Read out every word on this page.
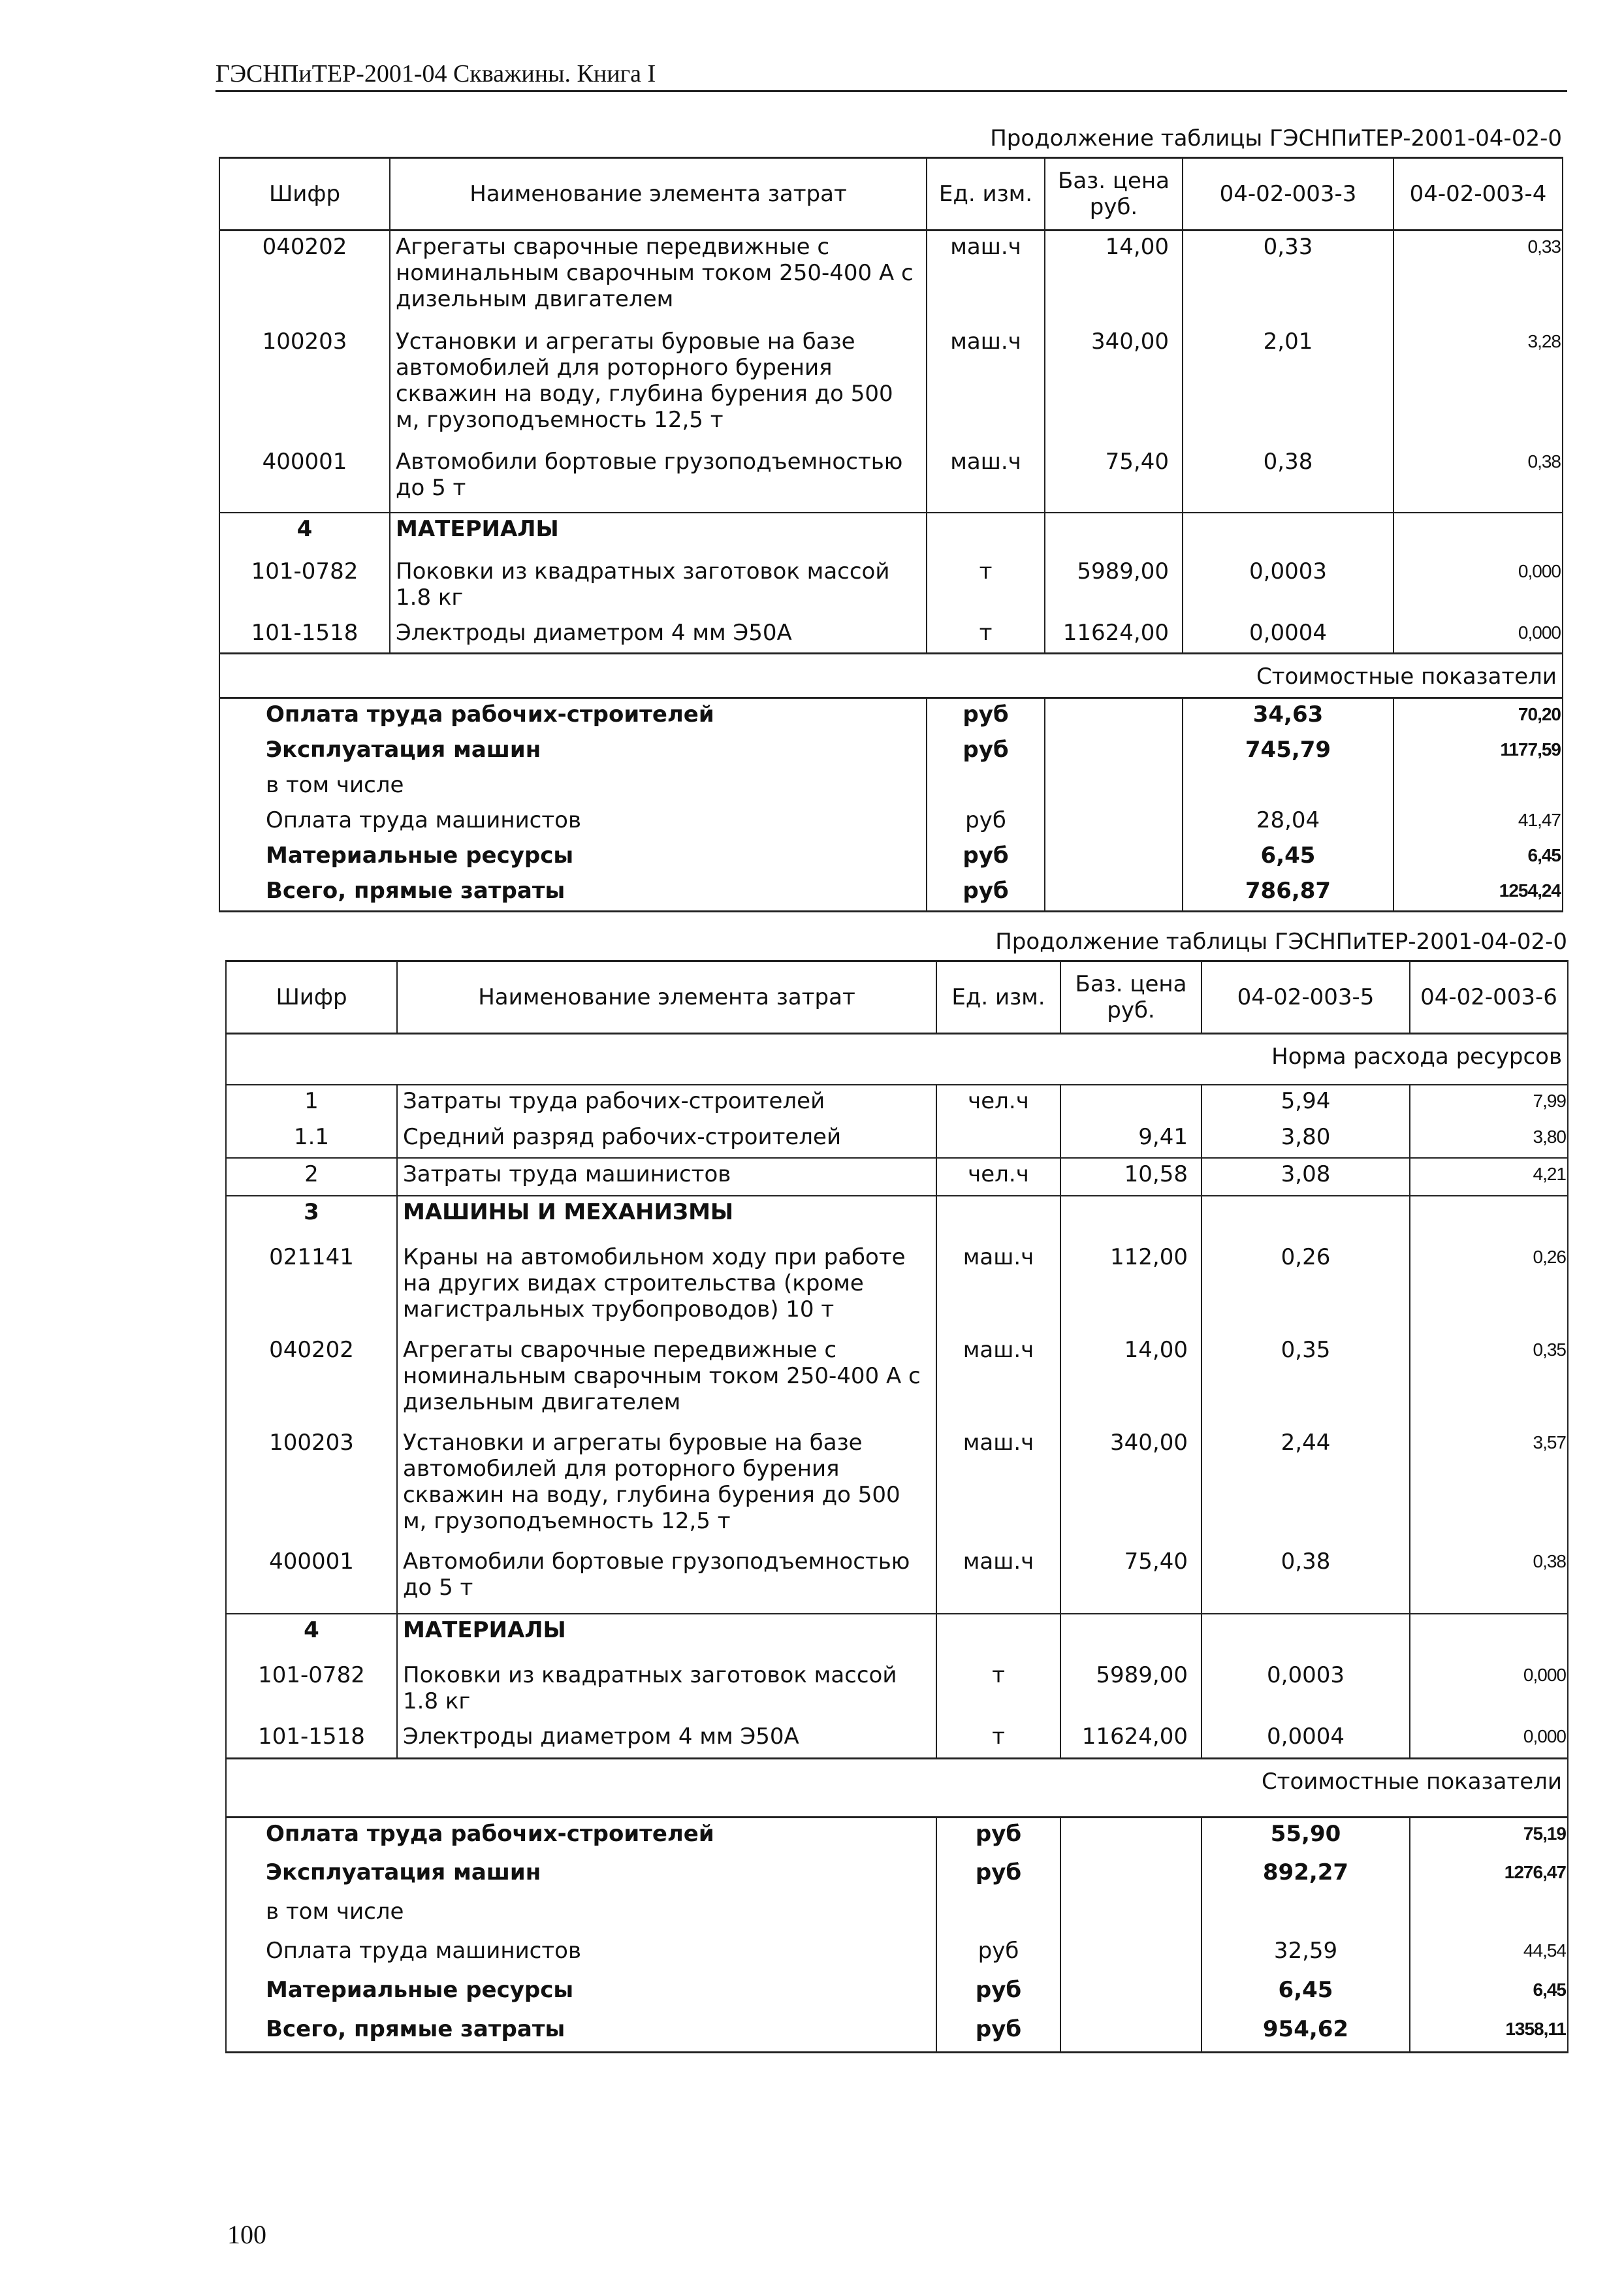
ГЭСНПиТЕР-2001-04 Скважины. Книга I
Продолжение таблицы ГЭСНПиТЕР-2001-04-02-0
Шифр	Наименование элемента затрат	Ед. изм.	Баз. цена руб.	04-02-003-3	04-02-003-4
040202	Агрегаты сварочные передвижные с номинальным сварочным током 250-400 А с дизельным двигателем	маш.ч	14,00	0,33	0,33
100203	Установки и агрегаты буровые на базе автомобилей для роторного бурения скважин на воду, глубина бурения до 500 м, грузоподъемность 12,5 т	маш.ч	340,00	2,01	3,28
400001	Автомобили бортовые грузоподъемностью до 5 т	маш.ч	75,40	0,38	0,38
4	МАТЕРИАЛЫ				
101-0782	Поковки из квадратных заготовок массой 1.8 кг	т	5989,00	0,0003	0,000
101-1518	Электроды диаметром 4 мм Э50А	т	11624,00	0,0004	0,000
Стоимостные показатели					
Оплата труда рабочих-строителей		руб		34,63	70,20
Эксплуатация машин		руб		745,79	1177,59
в том числе					
Оплата труда машинистов		руб		28,04	41,47
Материальные ресурсы		руб		6,45	6,45
Всего, прямые затраты		руб		786,87	1254,24
Продолжение таблицы ГЭСНПиТЕР-2001-04-02-0
Шифр	Наименование элемента затрат	Ед. изм.	Баз. цена руб.	04-02-003-5	04-02-003-6
Норма расхода ресурсов					
1	Затраты труда рабочих-строителей	чел.ч		5,94	7,99
1.1	Средний разряд рабочих-строителей		9,41	3,80	3,80
2	Затраты труда машинистов	чел.ч	10,58	3,08	4,21
3	МАШИНЫ И МЕХАНИЗМЫ				
021141	Краны на автомобильном ходу при работе на других видах строительства (кроме магистральных трубопроводов) 10 т	маш.ч	112,00	0,26	0,26
040202	Агрегаты сварочные передвижные с номинальным сварочным током 250-400 А с дизельным двигателем	маш.ч	14,00	0,35	0,35
100203	Установки и агрегаты буровые на базе автомобилей для роторного бурения скважин на воду, глубина бурения до 500 м, грузоподъемность 12,5 т	маш.ч	340,00	2,44	3,57
400001	Автомобили бортовые грузоподъемностью до 5 т	маш.ч	75,40	0,38	0,38
4	МАТЕРИАЛЫ				
101-0782	Поковки из квадратных заготовок массой 1.8 кг	т	5989,00	0,0003	0,000
101-1518	Электроды диаметром 4 мм Э50А	т	11624,00	0,0004	0,000
Стоимостные показатели					
Оплата труда рабочих-строителей		руб		55,90	75,19
Эксплуатация машин		руб		892,27	1276,47
в том числе					
Оплата труда машинистов		руб		32,59	44,54
Материальные ресурсы		руб		6,45	6,45
Всего, прямые затраты		руб		954,62	1358,11
100
